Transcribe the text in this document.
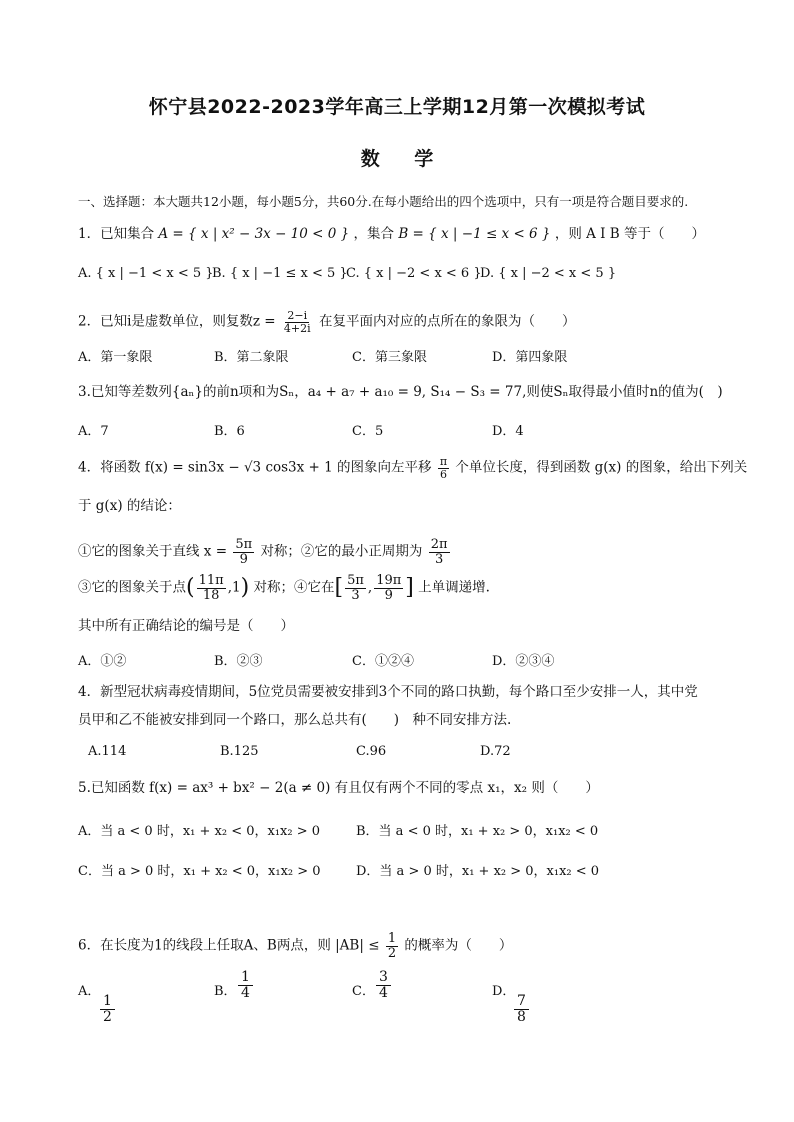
怀宁县2022-2023学年高三上学期12月第一次模拟考试
数 学
一、选择题：本大题共12小题，每小题5分，共60分.在每小题给出的四个选项中，只有一项是符合题目要求的.
1．已知集合 A = { x | x² − 3x − 10 < 0 } ，集合 B = { x | −1 ≤ x < 6 } ，则 A I B 等于（　　）
A. { x | −1 < x < 5 }
B. { x | −1 ≤ x < 5 }
C. { x | −2 < x < 6 }
D. { x | −2 < x < 5 }
2．已知i是虚数单位，则复数$z = \frac{2-i}{4+2i}$ 在复平面内对应的点所在的象限为（　　）
A．第一象限	B．第二象限	C．第三象限	D．第四象限
3.已知等差数列{aₙ}的前n项和为Sₙ，a₄ + a₇ + a₁₀ = 9, S₁₄ − S₃ = 77,则使Sₙ取得最小值时n的值为(　)
A．7	B．6	C．5	D．4
4．将函数 f(x) = sin3x − √3 cos3x + 1 的图象向左平移 $\frac{\pi}{6}$ 个单位长度，得到函数 g(x) 的图象，给出下列关
于 g(x) 的结论：
①它的图象关于直线 $x = \frac{5\pi}{9}$ 对称；②它的最小正周期为 $\frac{2\pi}{3}$
③它的图象关于点( $\frac{11\pi}{18} ,1$) 对称；④它在[ $\frac{5\pi}{3}$ , $\frac{19\pi}{9}$ ] 上单调递增.
其中所有正确结论的编号是（　　）
A．①②	B．②③	C．①②④	D．②③④
4．新型冠状病毒疫情期间，5位党员需要被安排到3个不同的路口执勤，每个路口至少安排一人，其中党
员甲和乙不能被安排到同一个路口，那么总共有(　　)　种不同安排方法.
A.114	B.125	C.96	D.72
5.已知函数 f(x) = ax³ + bx² − 2(a ≠ 0) 有且仅有两个不同的零点 x₁，x₂ 则（　　）
A．当 a < 0 时，x₁ + x₂ < 0，x₁x₂ > 0	B．当 a < 0 时，x₁ + x₂ > 0，x₁x₂ < 0
C．当 a > 0 时，x₁ + x₂ < 0，x₁x₂ > 0	D．当 a > 0 时，x₁ + x₂ > 0，x₁x₂ < 0
6．在长度为1的线段上任取A、B两点，则 $|AB| \le \frac{1}{2}$ 的概率为（　　）
A．
$\frac{1}{2}$
B． $\frac{1}{4}$	C． $\frac{3}{4}$	D．
$\frac{7}{8}$
